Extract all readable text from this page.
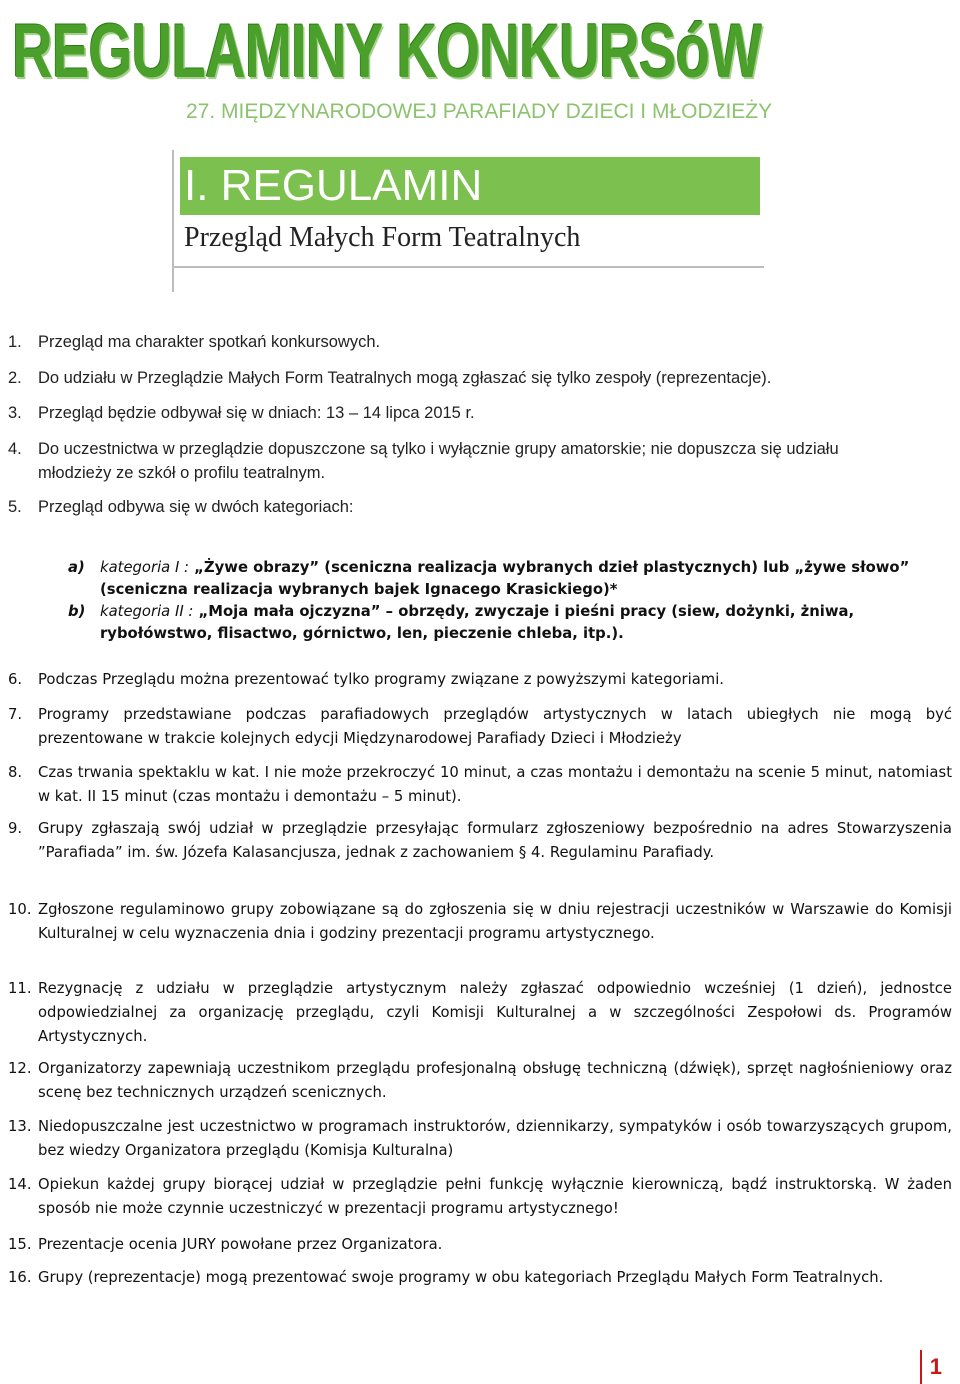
REGULAMINY KONKURSóW
27. MIĘDZYNARODOWEJ PARAFIADY DZIECI I MŁODZIEŻY
I. REGULAMIN
Przegląd Małych Form Teatralnych
1. Przegląd ma charakter spotkań konkursowych.
2. Do udziału w Przeglądzie Małych Form Teatralnych mogą zgłaszać się tylko zespoły (reprezentacje).
3. Przegląd będzie odbywał się w dniach: 13 – 14 lipca 2015 r.
4. Do uczestnictwa w przeglądzie dopuszczone są tylko i wyłącznie grupy amatorskie; nie dopuszcza się udziału młodzieży ze szkół o profilu teatralnym.
5. Przegląd odbywa się w dwóch kategoriach:
a) kategoria I : „Żywe obrazy” (sceniczna realizacja wybranych dzieł plastycznych) lub „żywe słowo” (sceniczna realizacja wybranych bajek Ignacego Krasickiego)*
b) kategoria II : „Moja mała ojczyzna” – obrzędy, zwyczaje i pieśni pracy (siew, dożynki, żniwa, rybołówstwo, flisactwo, górnictwo, len, pieczenie chleba, itp.).
6. Podczas Przeglądu można prezentować tylko programy związane z powyższymi kategoriami.
7. Programy przedstawiane podczas parafiadowych przeglądów artystycznych w latach ubiegłych nie mogą być prezentowane w trakcie kolejnych edycji Międzynarodowej Parafiady Dzieci i Młodzieży
8. Czas trwania spektaklu w kat. I nie może przekroczyć 10 minut, a czas montażu i demontażu na scenie 5 minut, natomiast w kat. II 15 minut (czas montażu i demontażu – 5 minut).
9. Grupy zgłaszają swój udział w przeglądzie przesyłając formularz zgłoszeniowy bezpośrednio na adres Stowarzyszenia ”Parafiada” im. św. Józefa Kalasancjusza, jednak z zachowaniem § 4. Regulaminu Parafiady.
10. Zgłoszone regulaminowo grupy zobowiązane są do zgłoszenia się w dniu rejestracji uczestników w Warszawie do Komisji Kulturalnej w celu wyznaczenia dnia i godziny prezentacji programu artystycznego.
11. Rezygnację z udziału w przeglądzie artystycznym należy zgłaszać odpowiednio wcześniej (1 dzień), jednostce odpowiedzialnej za organizację przeglądu, czyli Komisji Kulturalnej a w szczególności Zespołowi ds. Programów Artystycznych.
12. Organizatorzy zapewniają uczestnikom przeglądu profesjonalną obsługę techniczną (dźwięk), sprzęt nagłośnieniowy oraz scenę bez technicznych urządzeń scenicznych.
13. Niedopuszczalne jest uczestnictwo w programach instruktorów, dziennikarzy, sympatyków i osób towarzyszących grupom, bez wiedzy Organizatora przeglądu (Komisja Kulturalna)
14. Opiekun każdej grupy biorącej udział w przeglądzie pełni funkcję wyłącznie kierowniczą, bądź instruktorską. W żaden sposób nie może czynnie uczestniczyć w prezentacji programu artystycznego!
15. Prezentacje ocenia JURY powołane przez Organizatora.
16. Grupy (reprezentacje) mogą prezentować swoje programy w obu kategoriach Przeglądu Małych Form Teatralnych.
1
